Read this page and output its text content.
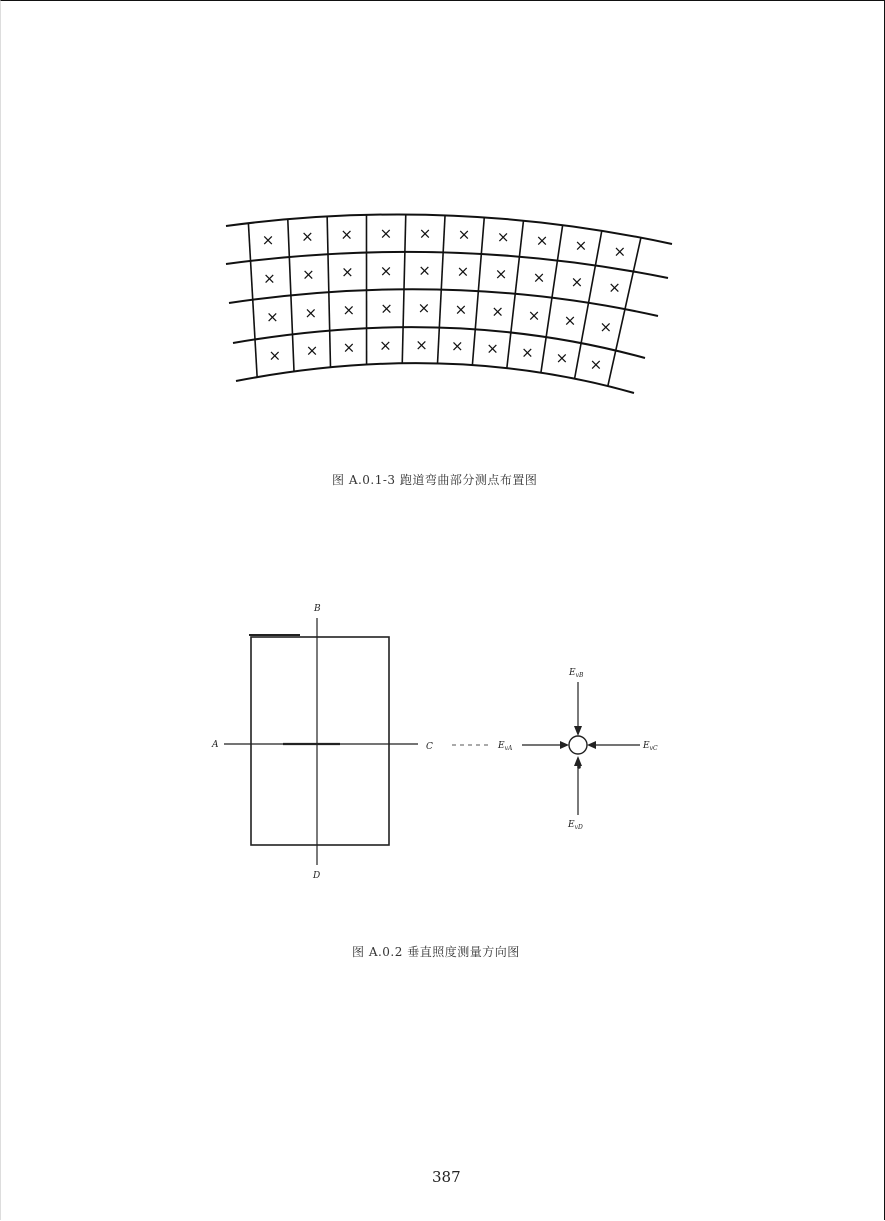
× × × × × × × × × ×
× × × × × × × × × ×
× × × × × × × × × ×
× × × × × × × × × ×
图 A.0.1-3 跑道弯曲部分测点布置图
B
A	C
D
$E_{vB}$
$E_{vA}$	$E_{vC}$
$E_{vD}$
图 A.0.2 垂直照度测量方向图
387
